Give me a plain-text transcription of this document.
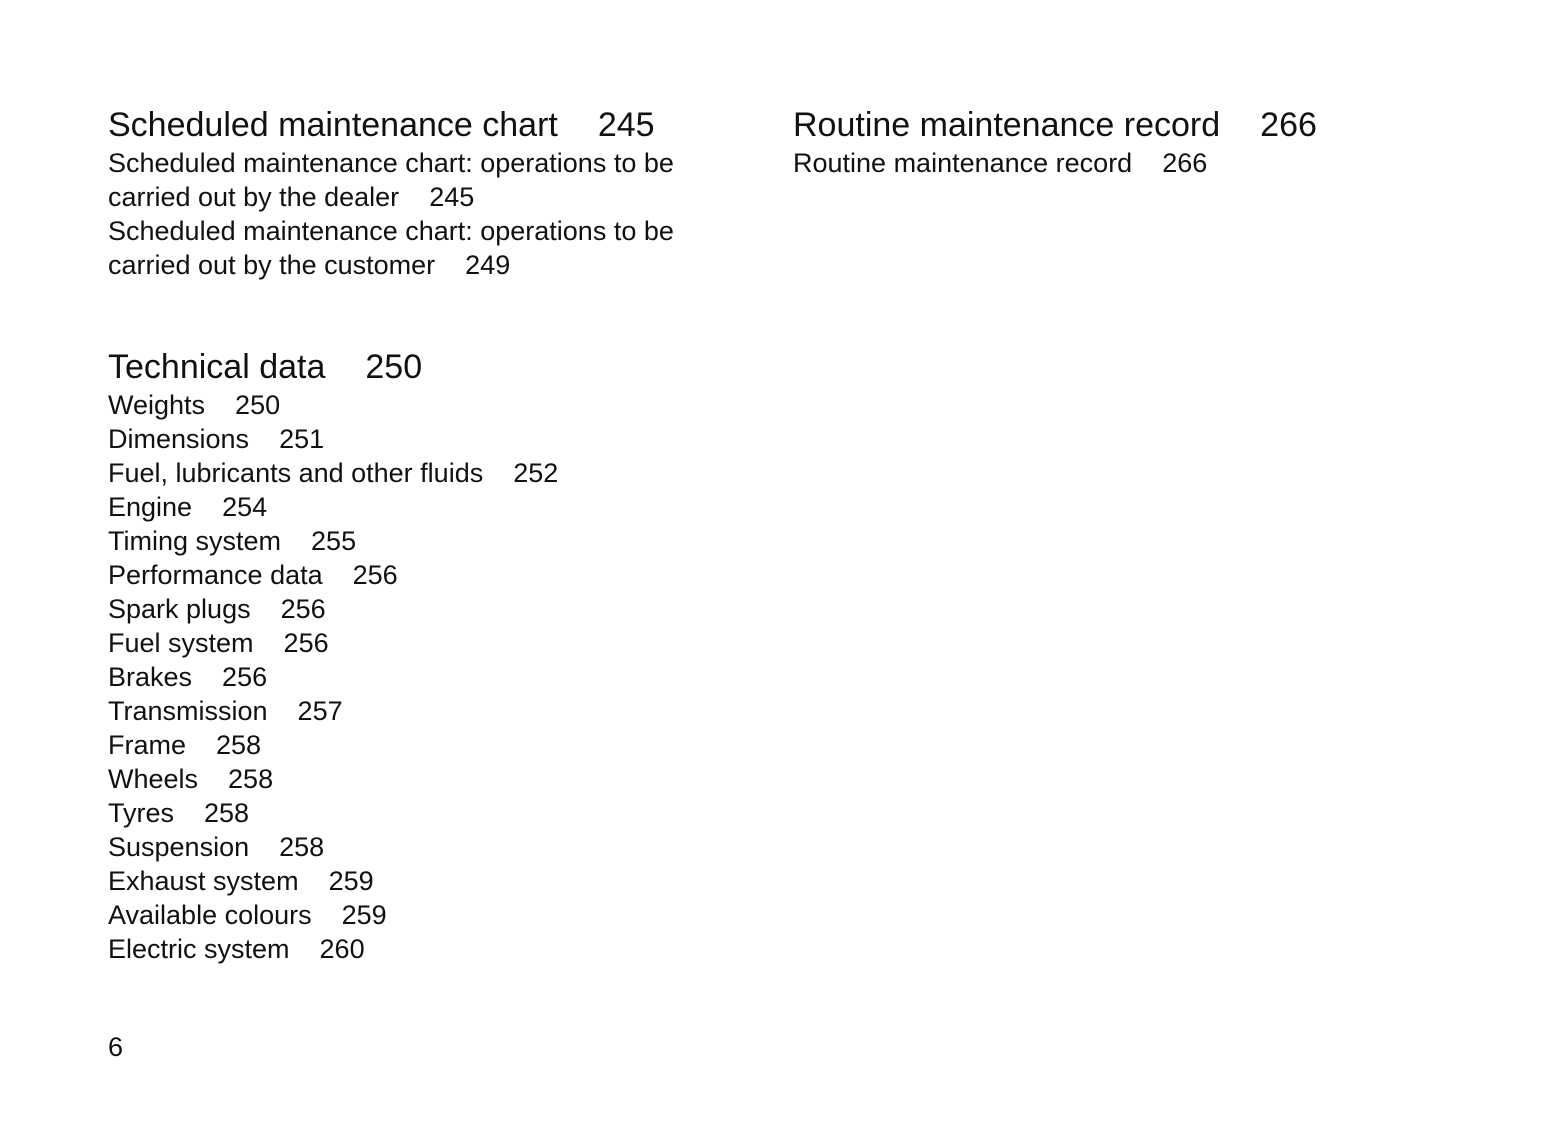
Scheduled maintenance chart 245
Scheduled maintenance chart: operations to be
carried out by the dealer 245
Scheduled maintenance chart: operations to be
carried out by the customer 249
Technical data 250
Weights 250
Dimensions 251
Fuel, lubricants and other fluids 252
Engine 254
Timing system 255
Performance data 256
Spark plugs 256
Fuel system 256
Brakes 256
Transmission 257
Frame 258
Wheels 258
Tyres 258
Suspension 258
Exhaust system 259
Available colours 259
Electric system 260
Routine maintenance record 266
Routine maintenance record 266
6
